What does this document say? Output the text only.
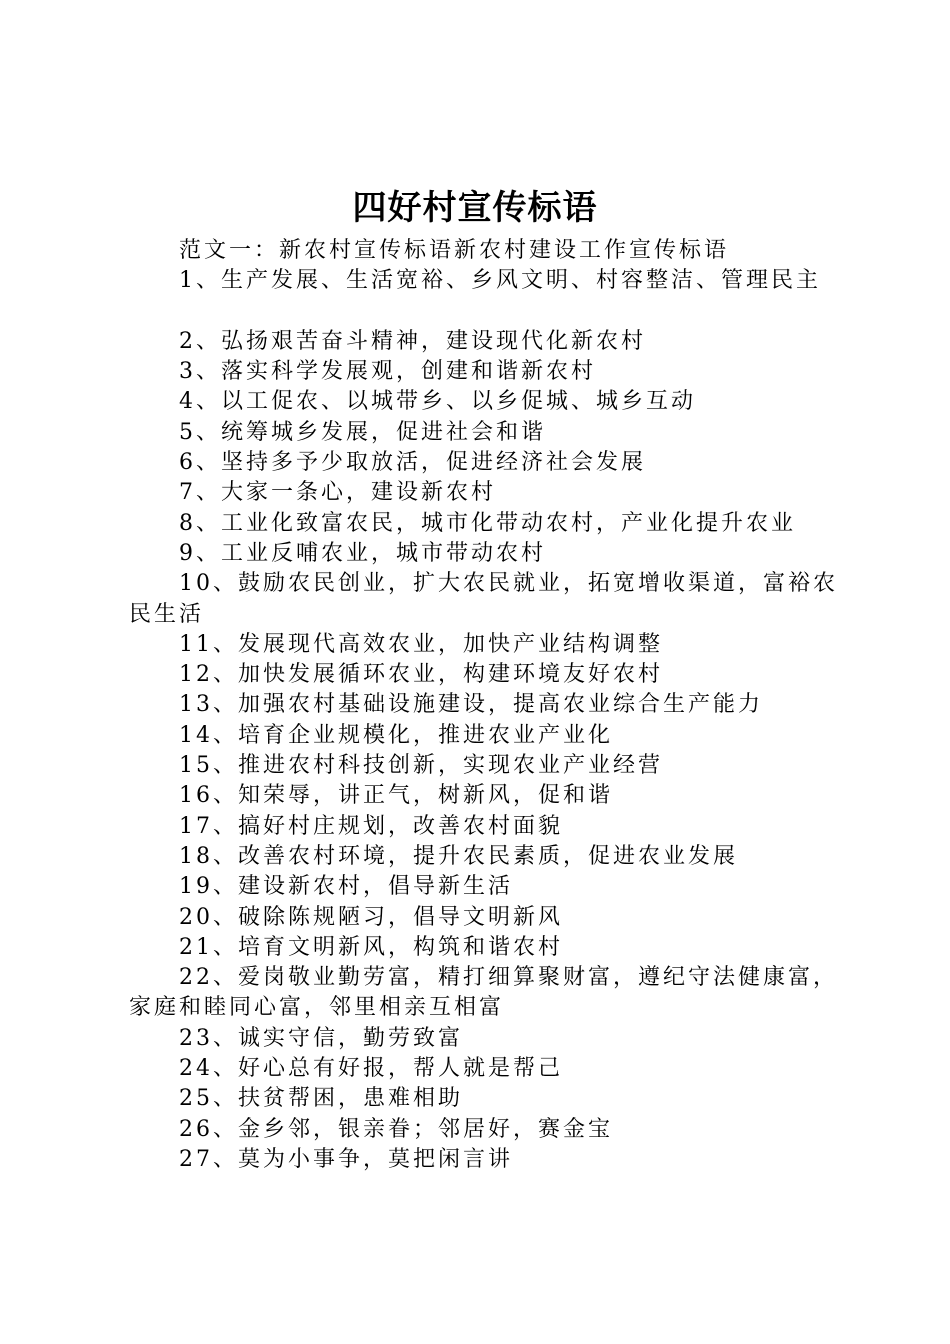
四好村宣传标语

范文一：新农村宣传标语新农村建设工作宣传标语

1、生产发展、生活宽裕、乡风文明、村容整洁、管理民主

2、弘扬艰苦奋斗精神，建设现代化新农村

3、落实科学发展观，创建和谐新农村

4、以工促农、以城带乡、以乡促城、城乡互动

5、统筹城乡发展，促进社会和谐

6、坚持多予少取放活，促进经济社会发展

7、大家一条心，建设新农村

8、工业化致富农民，城市化带动农村，产业化提升农业

9、工业反哺农业，城市带动农村

10、鼓励农民创业，扩大农民就业，拓宽增收渠道，富裕农民生活

11、发展现代高效农业，加快产业结构调整

12、加快发展循环农业，构建环境友好农村

13、加强农村基础设施建设，提高农业综合生产能力

14、培育企业规模化，推进农业产业化

15、推进农村科技创新，实现农业产业经营

16、知荣辱，讲正气，树新风，促和谐

17、搞好村庄规划，改善农村面貌

18、改善农村环境，提升农民素质，促进农业发展

19、建设新农村，倡导新生活

20、破除陈规陋习，倡导文明新风

21、培育文明新风，构筑和谐农村

22、爱岗敬业勤劳富，精打细算聚财富，遵纪守法健康富，家庭和睦同心富，邻里相亲互相富

23、诚实守信，勤劳致富

24、好心总有好报，帮人就是帮己

25、扶贫帮困，患难相助

26、金乡邻，银亲眷；邻居好，赛金宝

27、莫为小事争，莫把闲言讲
